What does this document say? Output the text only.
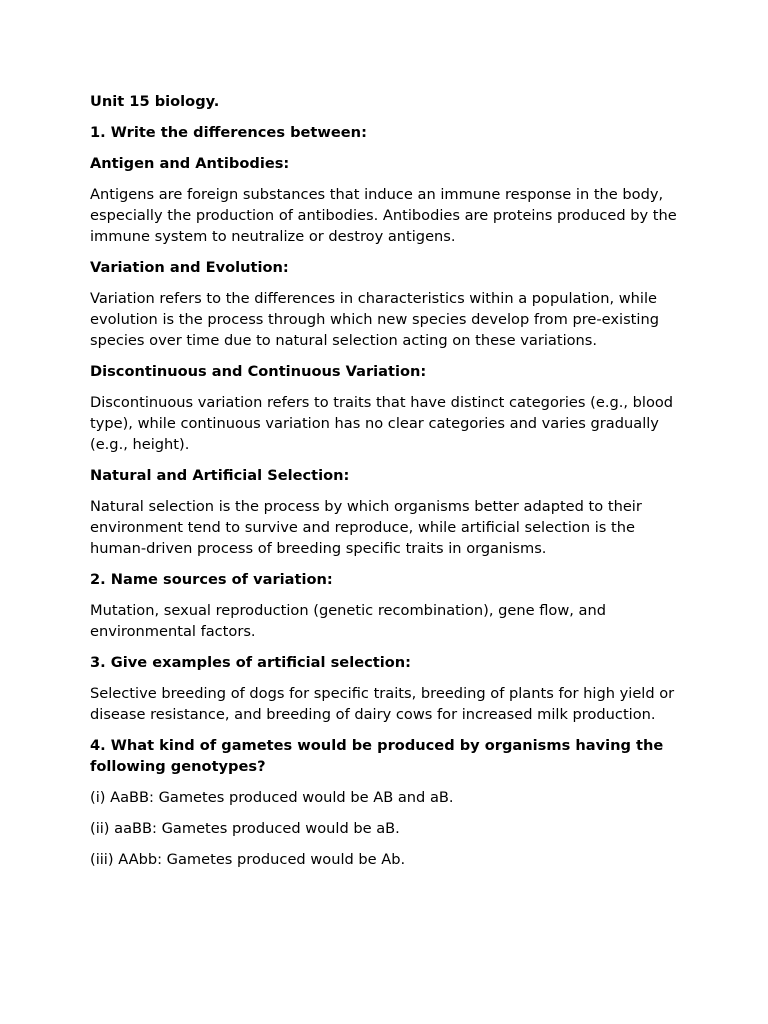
Unit 15 biology.

1. Write the differences between:

Antigen and Antibodies:

Antigens are foreign substances that induce an immune response in the body, especially the production of antibodies. Antibodies are proteins produced by the immune system to neutralize or destroy antigens.

Variation and Evolution:

Variation refers to the differences in characteristics within a population, while evolution is the process through which new species develop from pre-existing species over time due to natural selection acting on these variations.

Discontinuous and Continuous Variation:

Discontinuous variation refers to traits that have distinct categories (e.g., blood type), while continuous variation has no clear categories and varies gradually (e.g., height).

Natural and Artificial Selection:

Natural selection is the process by which organisms better adapted to their environment tend to survive and reproduce, while artificial selection is the human-driven process of breeding specific traits in organisms.

2. Name sources of variation:

Mutation, sexual reproduction (genetic recombination), gene flow, and environmental factors.

3. Give examples of artificial selection:

Selective breeding of dogs for specific traits, breeding of plants for high yield or disease resistance, and breeding of dairy cows for increased milk production.

4. What kind of gametes would be produced by organisms having the following genotypes?

(i) AaBB: Gametes produced would be AB and aB.

(ii) aaBB: Gametes produced would be aB.

(iii) AAbb: Gametes produced would be Ab.
